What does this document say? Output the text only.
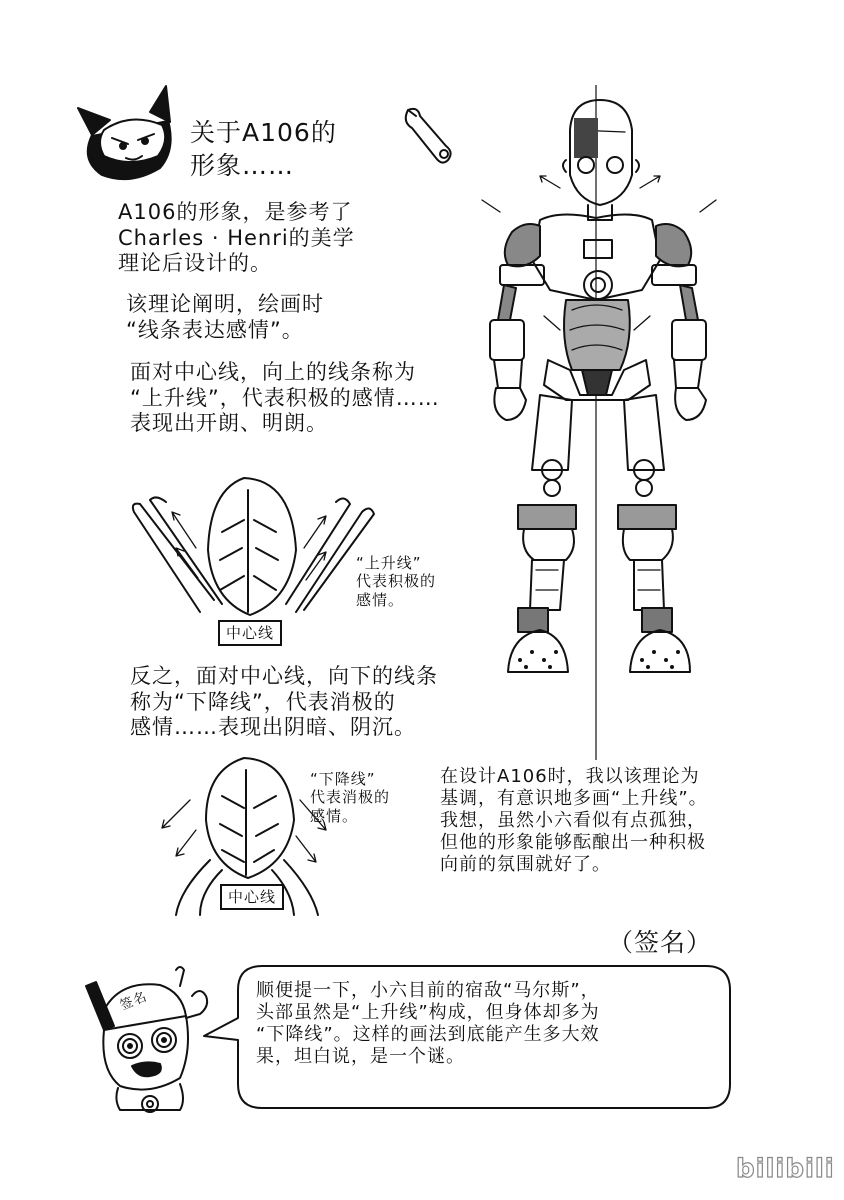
关于A106的
形象……
A106的形象，是参考了
Charles · Henri的美学
理论后设计的。
该理论阐明，绘画时
“线条表达感情”。
面对中心线，向上的线条称为
“上升线”，代表积极的感情……
表现出开朗、明朗。
中心线
“上升线”
代表积极的
感情。
反之，面对中心线，向下的线条
称为“下降线”，代表消极的
感情……表现出阴暗、阴沉。
中心线
“下降线”
代表消极的
感情。
在设计A106时，我以该理论为
基调，有意识地多画“上升线”。
我想，虽然小六看似有点孤独，
但他的形象能够酝酿出一种积极
向前的氛围就好了。
（签名）
签名	顺便提一下，小六目前的宿敌“马尔斯”，
头部虽然是“上升线”构成，但身体却多为
“下降线”。这样的画法到底能产生多大效
果，坦白说，是一个谜。
bilibili
